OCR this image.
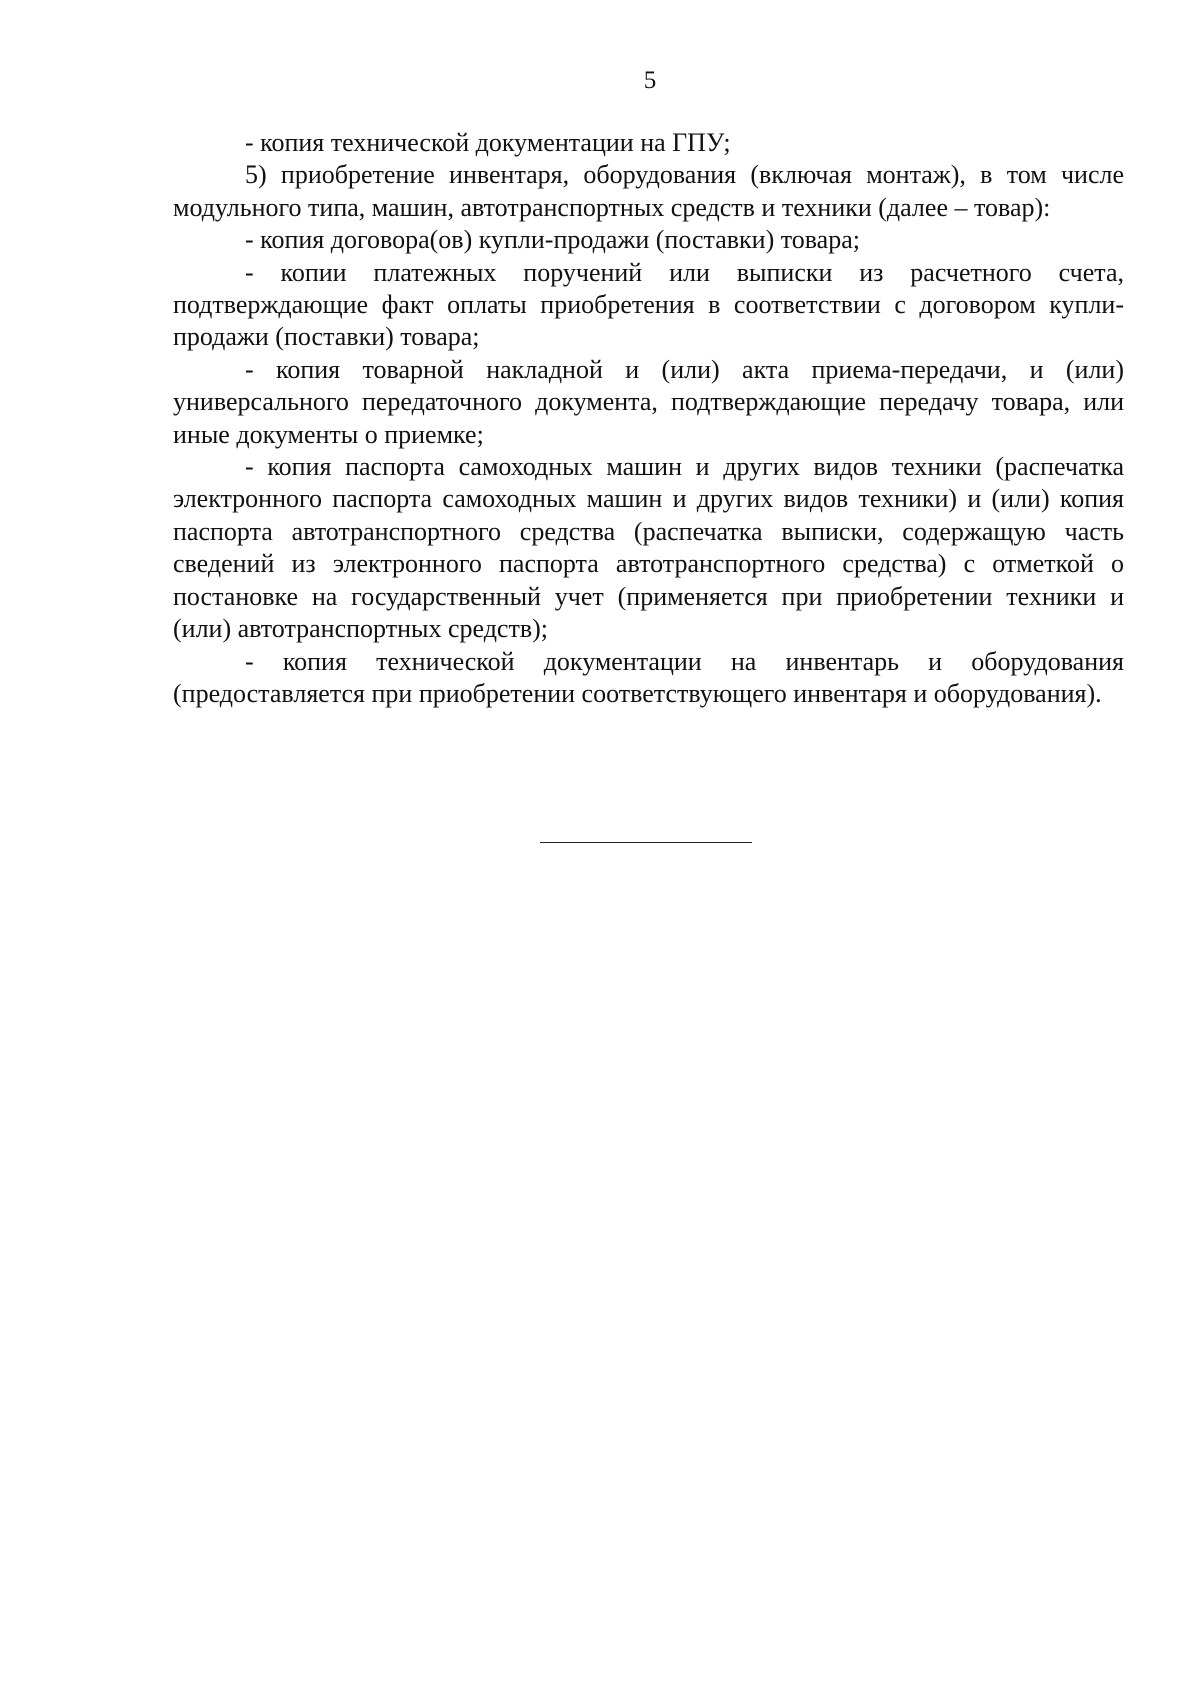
5

- копия технической документации на ГПУ;

5) приобретение инвентаря, оборудования (включая монтаж), в том числе модульного типа, машин, автотранспортных средств и техники (далее – товар):

- копия договора(ов) купли-продажи (поставки) товара;

- копии платежных поручений или выписки из расчетного счета, подтверждающие факт оплаты приобретения в соответствии с договором купли-продажи (поставки) товара;

- копия товарной накладной и (или) акта приема-передачи, и (или) универсального передаточного документа, подтверждающие передачу товара, или иные документы о приемке;

- копия паспорта самоходных машин и других видов техники (распечатка электронного паспорта самоходных машин и других видов техники) и (или) копия паспорта автотранспортного средства (распечатка выписки, содержащую часть сведений из электронного паспорта автотранспортного средства) с отметкой о постановке на государственный учет (применяется при приобретении техники и (или) автотранспортных средств);

- копия технической документации на инвентарь и оборудования (предоставляется при приобретении соответствующего инвентаря и оборудования).
